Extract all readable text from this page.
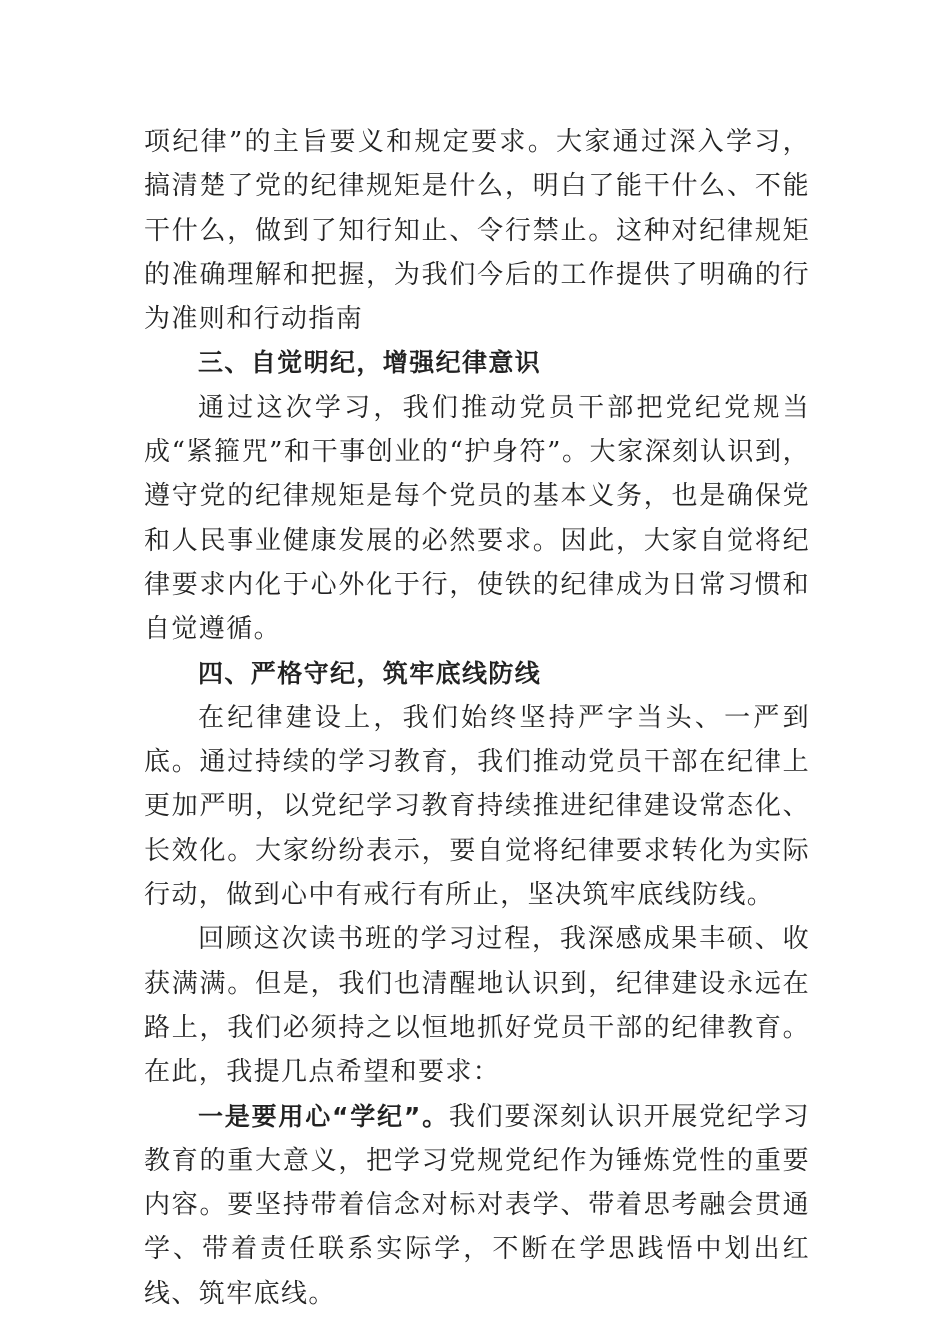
项纪律”的主旨要义和规定要求。大家通过深入学习，搞清楚了党的纪律规矩是什么，明白了能干什么、不能干什么，做到了知行知止、令行禁止。这种对纪律规矩的准确理解和把握，为我们今后的工作提供了明确的行为准则和行动指南

三、自觉明纪，增强纪律意识

通过这次学习，我们推动党员干部把党纪党规当成“紧箍咒”和干事创业的“护身符”。大家深刻认识到，遵守党的纪律规矩是每个党员的基本义务，也是确保党和人民事业健康发展的必然要求。因此，大家自觉将纪律要求内化于心外化于行，使铁的纪律成为日常习惯和自觉遵循。

四、严格守纪，筑牢底线防线

在纪律建设上，我们始终坚持严字当头、一严到底。通过持续的学习教育，我们推动党员干部在纪律上更加严明，以党纪学习教育持续推进纪律建设常态化、长效化。大家纷纷表示，要自觉将纪律要求转化为实际行动，做到心中有戒行有所止，坚决筑牢底线防线。

回顾这次读书班的学习过程，我深感成果丰硕、收获满满。但是，我们也清醒地认识到，纪律建设永远在路上，我们必须持之以恒地抓好党员干部的纪律教育。在此，我提几点希望和要求：

一是要用心“学纪”。我们要深刻认识开展党纪学习教育的重大意义，把学习党规党纪作为锤炼党性的重要内容。要坚持带着信念对标对表学、带着思考融会贯通学、带着责任联系实际学，不断在学思践悟中划出红线、筑牢底线。
